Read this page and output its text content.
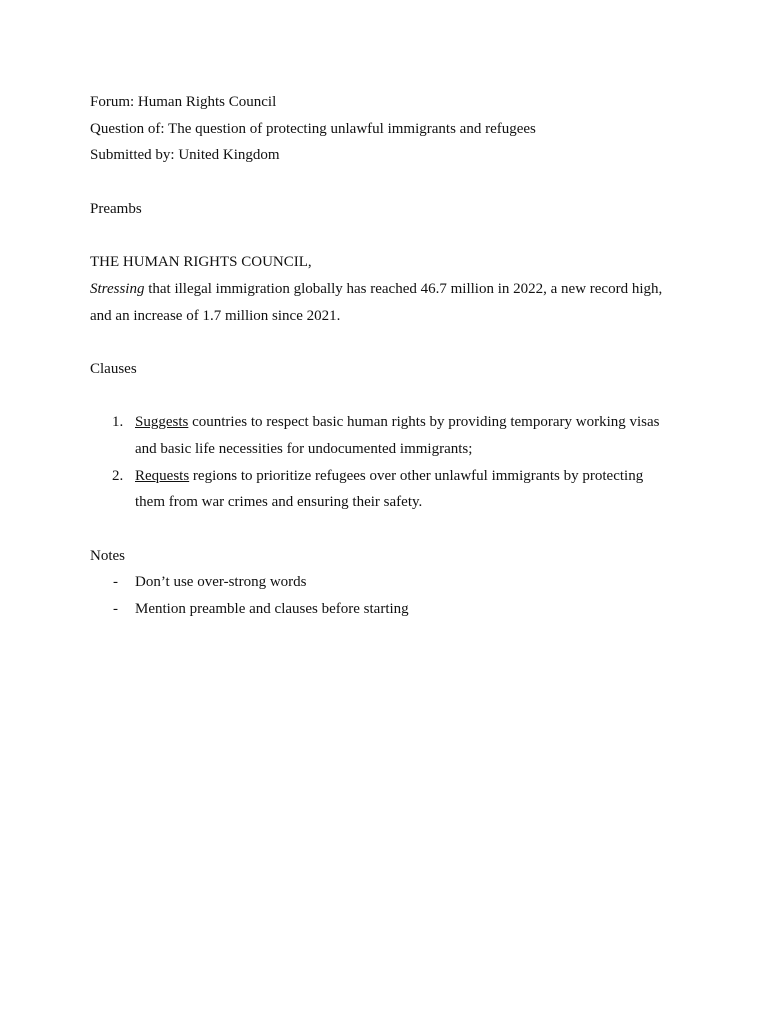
Forum: Human Rights Council
Question of: The question of protecting unlawful immigrants and refugees
Submitted by: United Kingdom
Preambs
THE HUMAN RIGHTS COUNCIL,
Stressing that illegal immigration globally has reached 46.7 million in 2022, a new record high,
and an increase of 1.7 million since 2021.
Clauses
1. Suggests countries to respect basic human rights by providing temporary working visas
and basic life necessities for undocumented immigrants;
2. Requests regions to prioritize refugees over other unlawful immigrants by protecting
them from war crimes and ensuring their safety.
Notes
- Don’t use over-strong words
- Mention preamble and clauses before starting
